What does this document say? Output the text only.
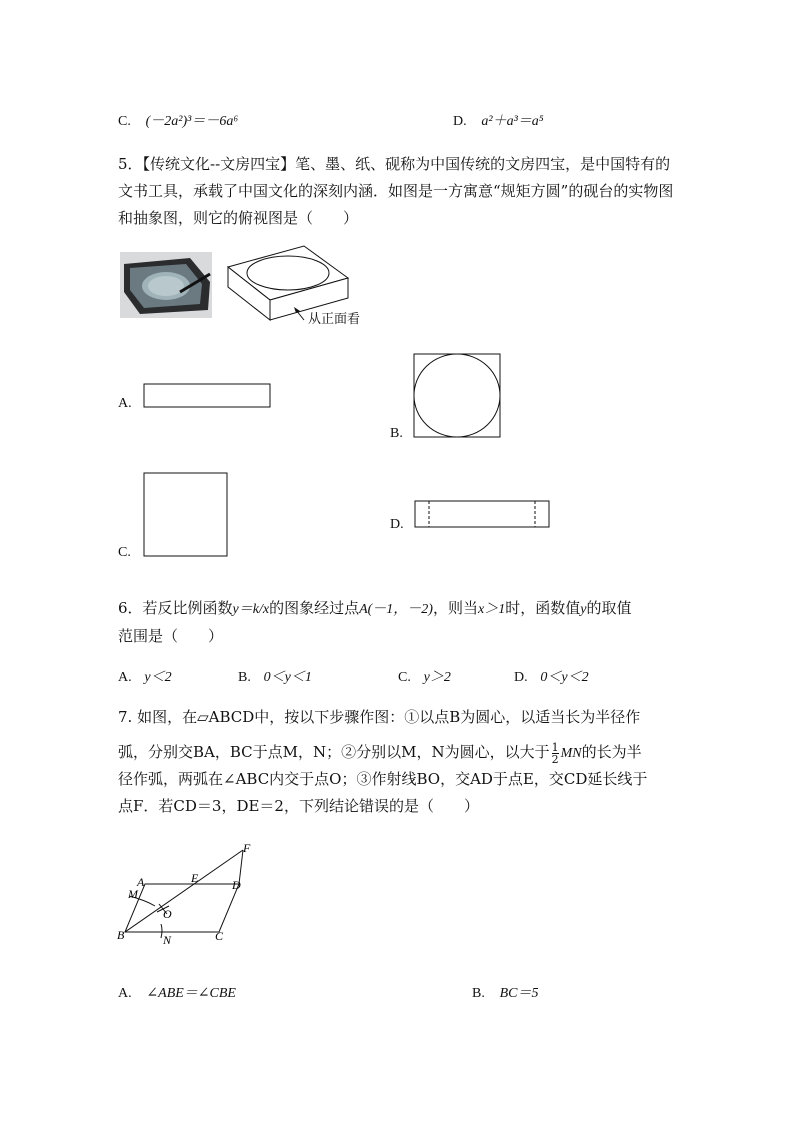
C. (－2a²)³＝－6a⁶	D. a²＋a³＝a⁵
5．【传统文化--文房四宝】笔、墨、纸、砚称为中国传统的文房四宝，是中国特有的文书工具，承载了中国文化的深刻内涵．如图是一方寓意“规矩方圆”的砚台的实物图和抽象图，则它的俯视图是（　　）
从正面看
A.
B.
C.
D.
6．若反比例函数y＝k/x的图象经过点A(－1，－2)，则当x＞1时，函数值y的取值
范围是（　　）
A. y＜2	B. 0＜y＜1	C. y＞2	D. 0＜y＜2
7. 如图，在▱ABCD中，按以下步骤作图：①以点B为圆心，以适当长为半径作
弧，分别交BA，BC于点M，N；②分别以M，N为圆心，以大于 $\frac{1}{2}$ MN的长为半
径作弧，两弧在∠ABC内交于点O；③作射线BO，交AD于点E，交CD延长线于
点F．若CD＝3，DE＝2，下列结论错误的是（　　）
A
B	C
D
E
F
M
N
O
A. ∠ABE＝∠CBE	B. BC＝5
